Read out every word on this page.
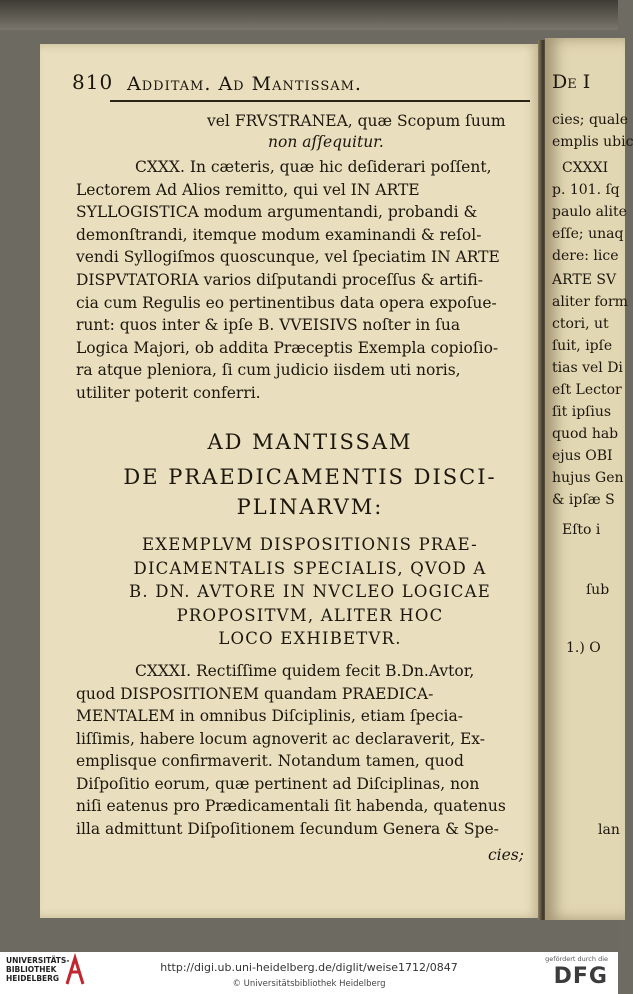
810 Additam. Ad Mantissam.
vel FRVSTRANEA, quæ Scopum ſuum
non aſſequitur.
CXXX. In cæteris, quæ hic deſiderari poſſent,
Lectorem Ad Alios remitto, qui vel IN ARTE
SYLLOGISTICA modum argumentandi, probandi &
demonſtrandi, itemque modum examinandi & reſol-
vendi Syllogiſmos quoscunque, vel ſpeciatim IN ARTE
DISPVTATORIA varios diſputandi proceſſus & artifi-
cia cum Regulis eo pertinentibus data opera expoſue-
runt: quos inter & ipſe B. VVEISIVS noſter in ſua
Logica Majori, ob addita Præceptis Exempla copioſio-
ra atque pleniora, ſi cum judicio iisdem uti noris,
utiliter poterit conferri.
AD MANTISSAM
DE PRAEDICAMENTIS DISCI-
PLINARVM:
EXEMPLVM DISPOSITIONIS PRAE-
DICAMENTALIS SPECIALIS, QVOD A
B. DN. AVTORE IN NVCLEO LOGICAE
PROPOSITVM, ALITER HOC
LOCO EXHIBETVR.
CXXXI. Rectiſſime quidem fecit B.Dn.Avtor,
quod DISPOSITIONEM quandam PRAEDICA-
MENTALEM in omnibus Diſciplinis, etiam ſpecia-
liſſimis, habere locum agnoverit ac declaraverit, Ex-
emplisque confirmaverit. Notandum tamen, quod
Diſpoſitio eorum, quæ pertinent ad Diſciplinas, non
niſi eatenus pro Prædicamentali ſit habenda, quatenus
illa admittunt Diſpoſitionem ſecundum Genera & Spe-
cies;
De I
cies; quale
emplis ubic
CXXXI
p. 101. ſq
paulo alite
eſſe; unaq
dere: lice
ARTE SV
aliter form
ctori, ut
ſuit, ipſe
tias vel Di
eſt Lector
ſit ipſius
quod hab
ejus OBI
hujus Gen
& ipſæ S
Eſto i
ſub
1.) O
lan
UNIVERSITÄTS-
BIBLIOTHEK
HEIDELBERG
http://digi.ub.uni-heidelberg.de/diglit/weise1712/0847
© Universitätsbibliothek Heidelberg
gefördert durch die
DFG
